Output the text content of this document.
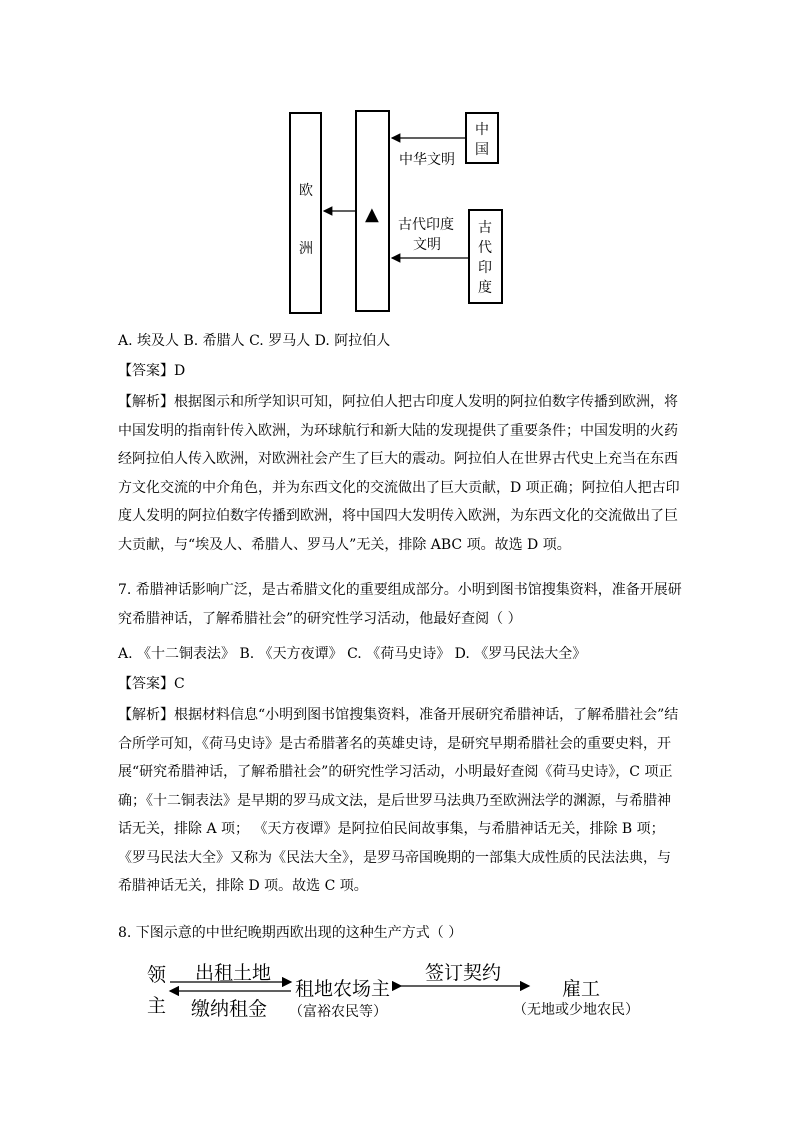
欧
洲
▲
中
国
古
代
印
度
中华文明
古代印度
文明
A. 埃及人 B. 希腊人 C. 罗马人 D. 阿拉伯人
【答案】D
【解析】根据图示和所学知识可知，阿拉伯人把古印度人发明的阿拉伯数字传播到欧洲，将
中国发明的指南针传入欧洲，为环球航行和新大陆的发现提供了重要条件；中国发明的火药
经阿拉伯人传入欧洲，对欧洲社会产生了巨大的震动。阿拉伯人在世界古代史上充当在东西
方文化交流的中介角色，并为东西文化的交流做出了巨大贡献，D 项正确；阿拉伯人把古印
度人发明的阿拉伯数字传播到欧洲，将中国四大发明传入欧洲，为东西文化的交流做出了巨
大贡献，与“埃及人、希腊人、罗马人”无关，排除 ABC 项。故选 D 项。
7. 希腊神话影响广泛，是古希腊文化的重要组成部分。小明到图书馆搜集资料，准备开展研
究希腊神话，了解希腊社会”的研究性学习活动，他最好查阅（ ）
A. 《十二铜表法》 B. 《天方夜谭》 C. 《荷马史诗》 D. 《罗马民法大全》
【答案】C
【解析】根据材料信息“小明到图书馆搜集资料，准备开展研究希腊神话，了解希腊社会”结
合所学可知，《荷马史诗》是古希腊著名的英雄史诗，是研究早期希腊社会的重要史料，开
展“研究希腊神话，了解希腊社会”的研究性学习活动，小明最好查阅《荷马史诗》，C 项正
确；《十二铜表法》是早期的罗马成文法，是后世罗马法典乃至欧洲法学的渊源，与希腊神
话无关，排除 A 项； 《天方夜谭》是阿拉伯民间故事集，与希腊神话无关，排除 B 项；
《罗马民法大全》又称为《民法大全》，是罗马帝国晚期的一部集大成性质的民法法典，与
希腊神话无关，排除 D 项。故选 C 项。
8. 下图示意的中世纪晚期西欧出现的这种生产方式（ ）
领
主
出租土地
缴纳租金
租地农场主
（富裕农民等）
签订契约
雇工
（无地或少地农民）
